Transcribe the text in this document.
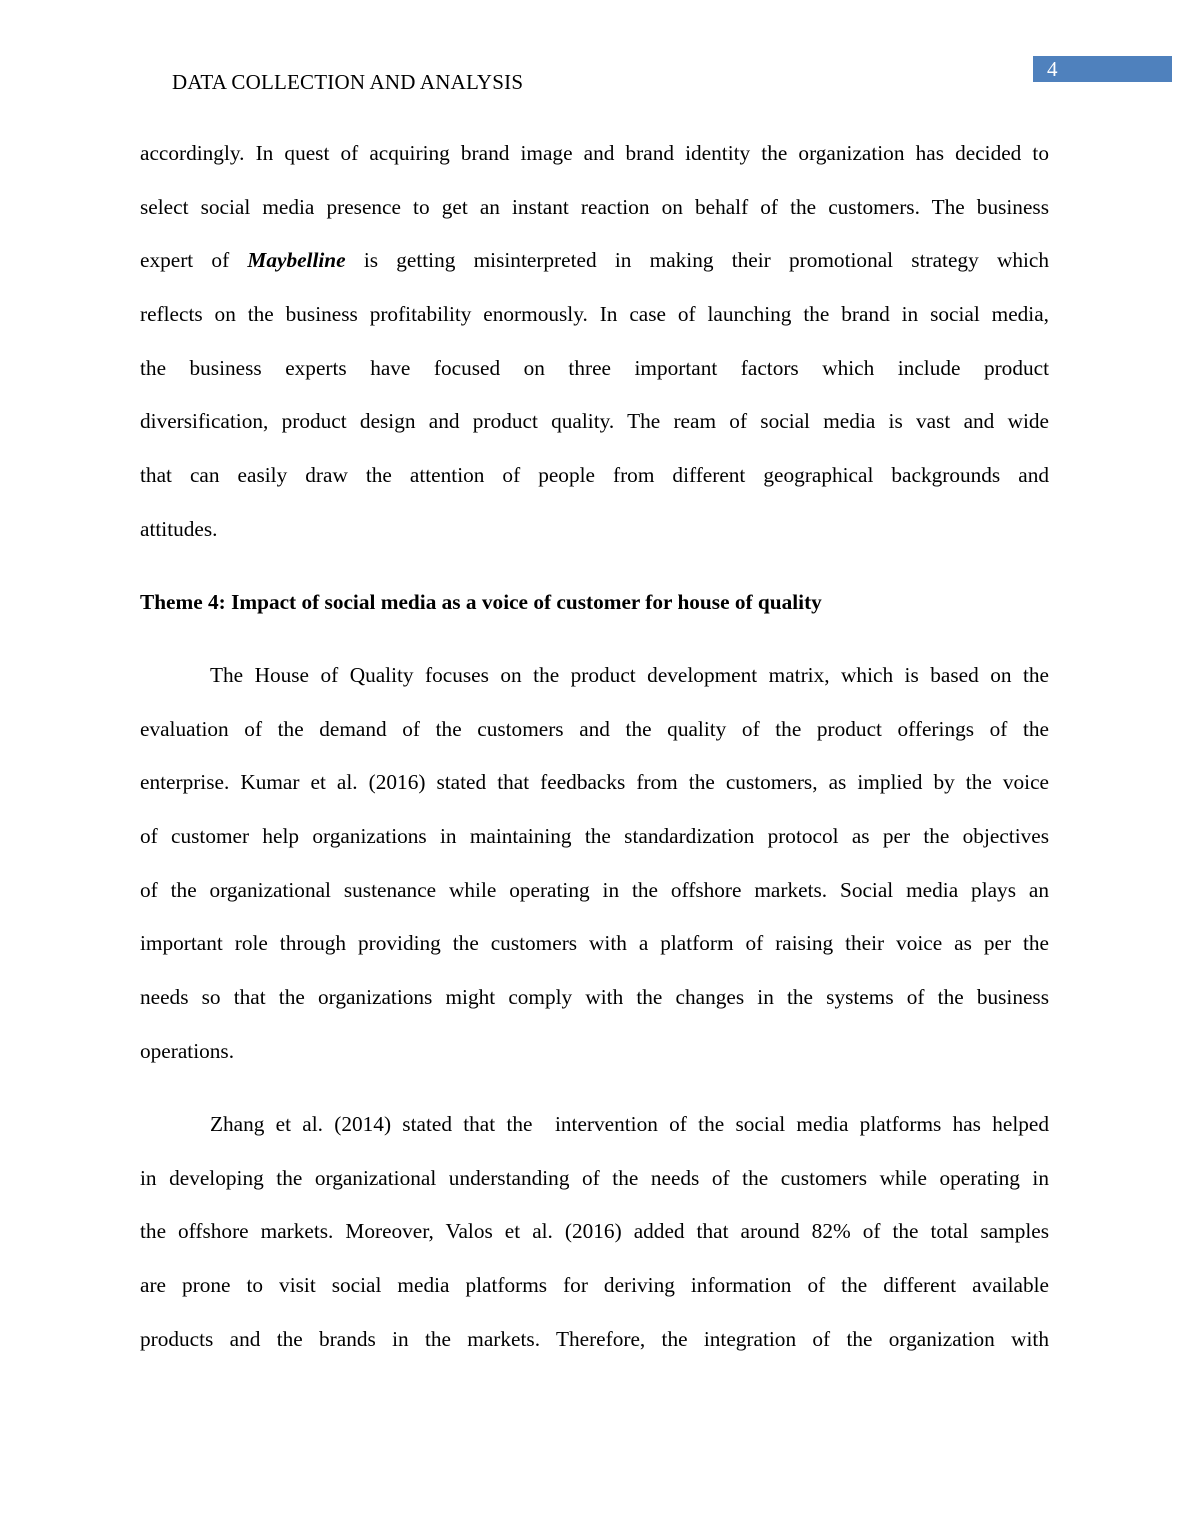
DATA COLLECTION AND ANALYSIS
4
accordingly. In quest of acquiring brand image and brand identity the organization has decided to
select social media presence to get an instant reaction on behalf of the customers. The business
expert of Maybelline is getting misinterpreted in making their promotional strategy which
reflects on the business profitability enormously. In case of launching the brand in social media,
the business experts have focused on three important factors which include product
diversification, product design and product quality. The ream of social media is vast and wide
that can easily draw the attention of people from different geographical backgrounds and
attitudes.
Theme 4: Impact of social media as a voice of customer for house of quality
The House of Quality focuses on the product development matrix, which is based on the
evaluation of the demand of the customers and the quality of the product offerings of the
enterprise. Kumar et al. (2016) stated that feedbacks from the customers, as implied by the voice
of customer help organizations in maintaining the standardization protocol as per the objectives
of the organizational sustenance while operating in the offshore markets. Social media plays an
important role through providing the customers with a platform of raising their voice as per the
needs so that the organizations might comply with the changes in the systems of the business
operations.
Zhang et al. (2014) stated that the  intervention of the social media platforms has helped
in developing the organizational understanding of the needs of the customers while operating in
the offshore markets. Moreover, Valos et al. (2016) added that around 82% of the total samples
are prone to visit social media platforms for deriving information of the different available
products and the brands in the markets. Therefore, the integration of the organization with
